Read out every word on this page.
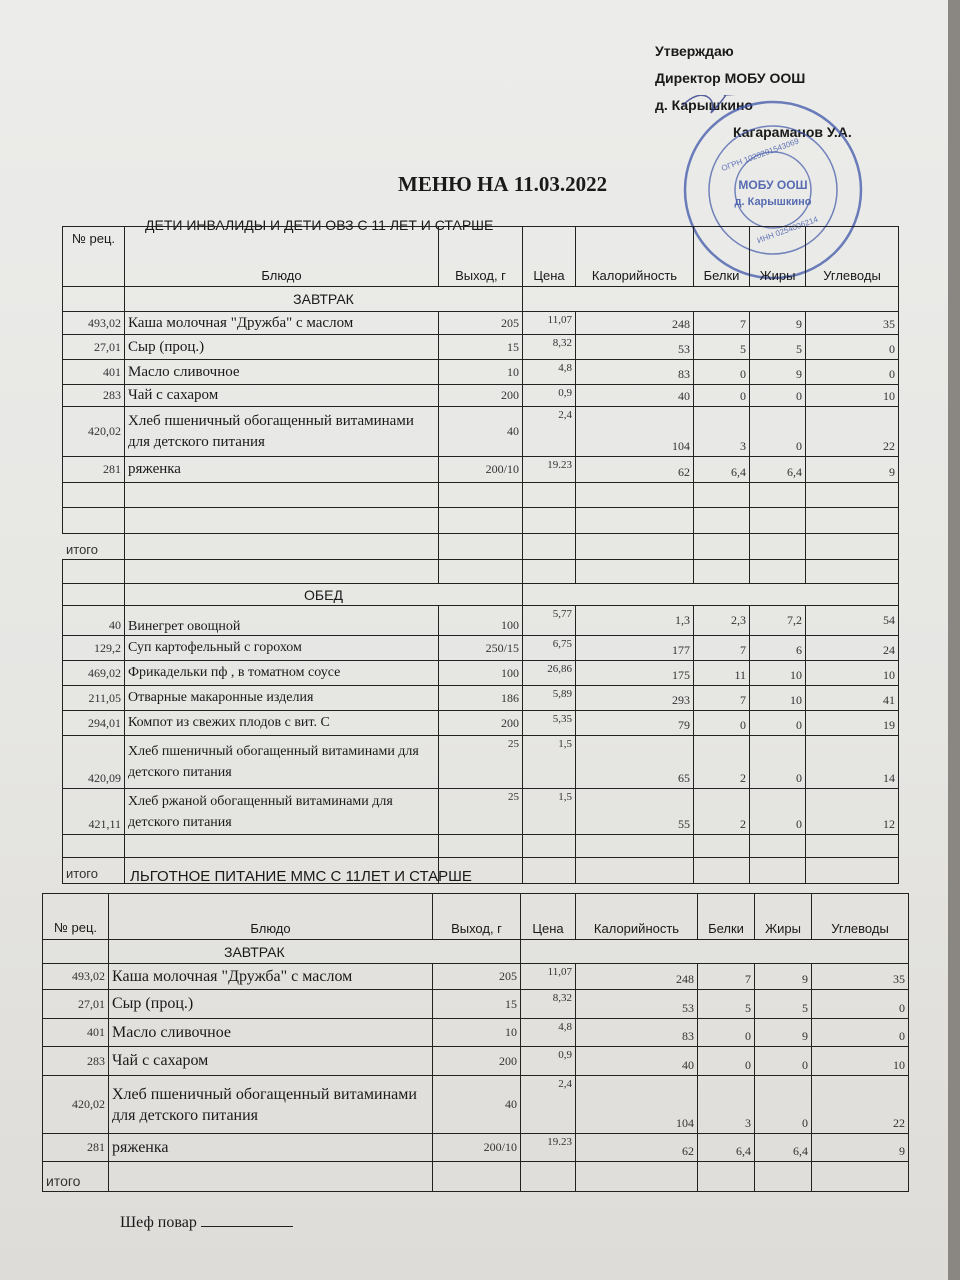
Утверждаю
Директор МОБУ ООШ
д. Карышкино
Кагараманов У.А.
МОБУ ООШ
д. Карышкино
ОГРН 1020201543069
ИНН 0254006214
МЕНЮ НА 11.03.2022
ДЕТИ ИНВАЛИДЫ И ДЕТИ ОВЗ С 11 ЛЕТ И СТАРШЕ
№ рец.	Блюдо	Выход, г	Цена	Калорийность	Белки	Жиры	Углеводы
	ЗАВТРАК						
493,02	Каша молочная "Дружба" с маслом	205	11,07	248	7	9	35
27,01	Сыр (проц.)	15	8,32	53	5	5	0
401	Масло сливочное	10	4,8	83	0	9	0
283	Чай с сахаром	200	0,9	40	0	0	10
420,02	Хлеб пшеничный обогащенный витаминами для детского питания	40	2,4	104	3	0	22
281	ряженка	200/10	19.23	62	6,4	6,4	9

итого							

	ОБЕД						
40	Винегрет овощной	100	5,77	1,3	2,3	7,2	54
129,2	Суп картофельный с горохом	250/15	6,75	177	7	6	24
469,02	Фрикадельки пф , в томатном соусе	100	26,86	175	11	10	10
211,05	Отварные макаронные изделия	186	5,89	293	7	10	41
294,01	Компот из свежих плодов с вит. С	200	5,35	79	0	0	19
420,09	Хлеб пшеничный обогащенный витаминами для детского питания	25	1,5	65	2	0	14
421,11	Хлеб ржаной обогащенный витаминами для детского питания	25	1,5	55	2	0	12

итого							ЛЬГОТНОЕ ПИТАНИЕ ММС С 11ЛЕТ И СТАРШЕ
№ рец.	Блюдо	Выход, г	Цена	Калорийность	Белки	Жиры	Углеводы
	ЗАВТРАК						
493,02	Каша молочная "Дружба" с маслом	205	11,07	248	7	9	35
27,01	Сыр (проц.)	15	8,32	53	5	5	0
401	Масло сливочное	10	4,8	83	0	9	0
283	Чай с сахаром	200	0,9	40	0	0	10
420,02	Хлеб пшеничный обогащенный витаминами для детского питания	40	2,4	104	3	0	22
281	ряженка	200/10	19.23	62	6,4	6,4	9
итого							
Шеф повар
